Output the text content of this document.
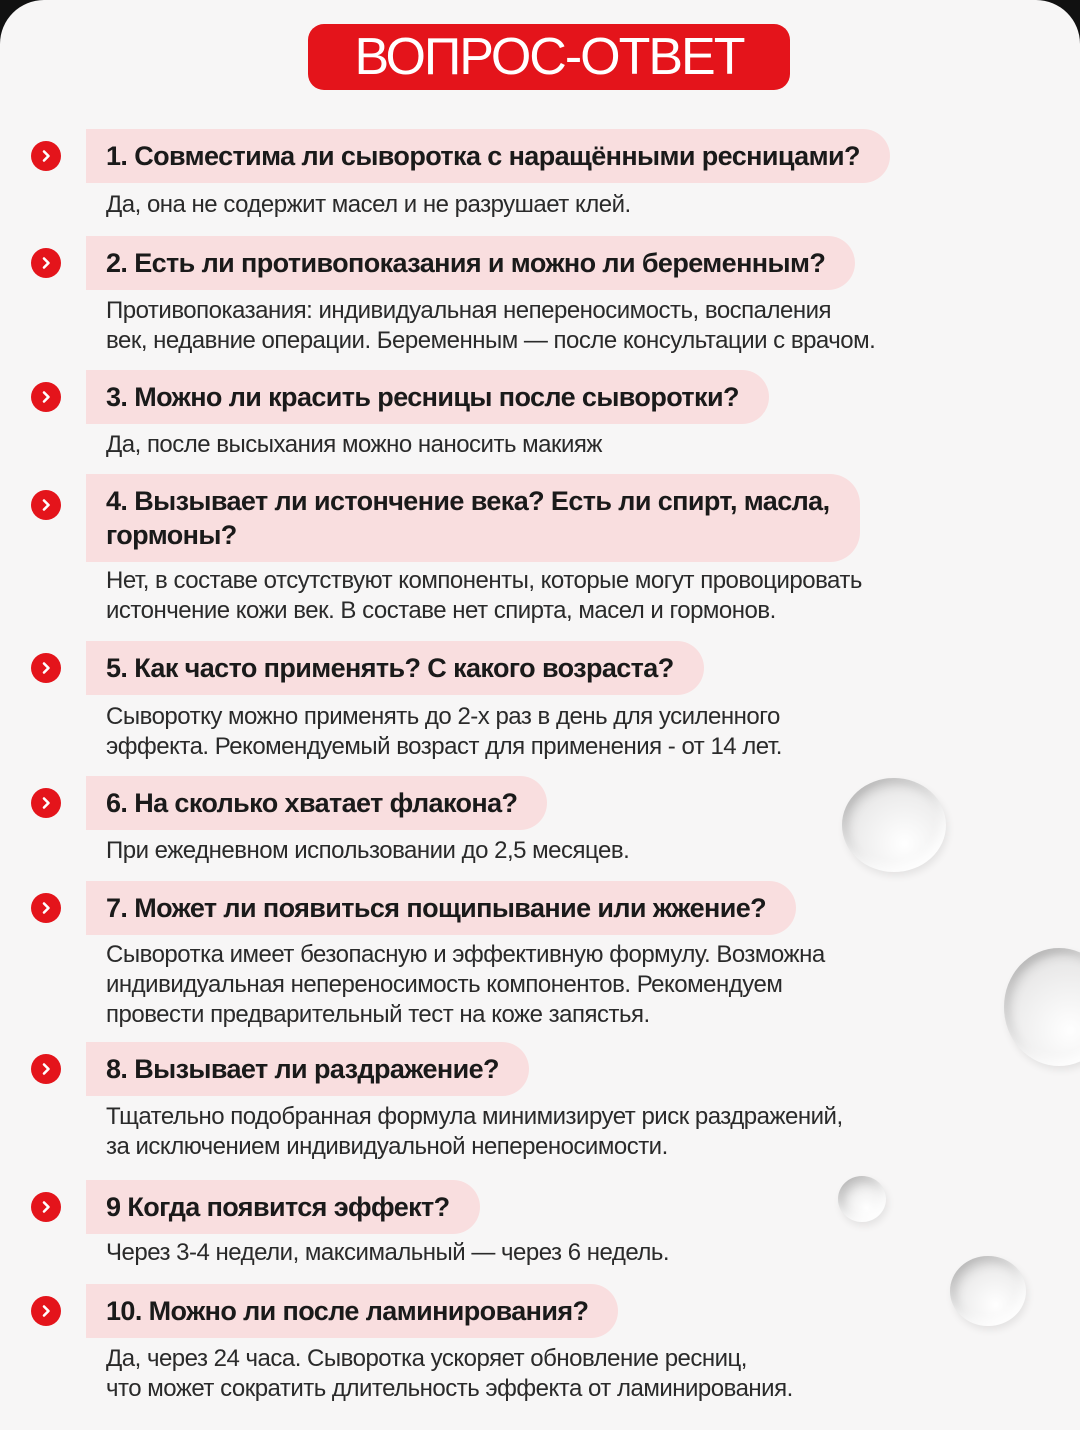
ВОПРОС-ОТВЕТ
1. Совместима ли сыворотка с наращёнными ресницами?
Да, она не содержит масел и не разрушает клей.
2. Есть ли противопоказания и можно ли беременным?
Противопоказания: индивидуальная непереносимость, воспаления
век, недавние операции. Беременным — после консультации с врачом.
3. Можно ли красить ресницы после сыворотки?
Да, после высыхания можно наносить макияж
4. Вызывает ли истончение века? Есть ли спирт, масла,
гормоны?
Нет, в составе отсутствуют компоненты, которые могут провоцировать
истончение кожи век. В составе нет спирта, масел и гормонов.
5. Как часто применять? С какого возраста?
Сыворотку можно применять до 2-х раз в день для усиленного
эффекта. Рекомендуемый возраст для применения - от 14 лет.
6. На сколько хватает флакона?
При ежедневном использовании до 2,5 месяцев.
7. Может ли появиться пощипывание или жжение?
Сыворотка имеет безопасную и эффективную формулу. Возможна
индивидуальная непереносимость компонентов. Рекомендуем
провести предварительный тест на коже запястья.
8. Вызывает ли раздражение?
Тщательно подобранная формула минимизирует риск раздражений,
за исключением индивидуальной непереносимости.
9 Когда появится эффект?
Через 3-4 недели, максимальный — через 6 недель.
10. Можно ли после ламинирования?
Да, через 24 часа. Сыворотка ускоряет обновление ресниц,
что может сократить длительность эффекта от ламинирования.
